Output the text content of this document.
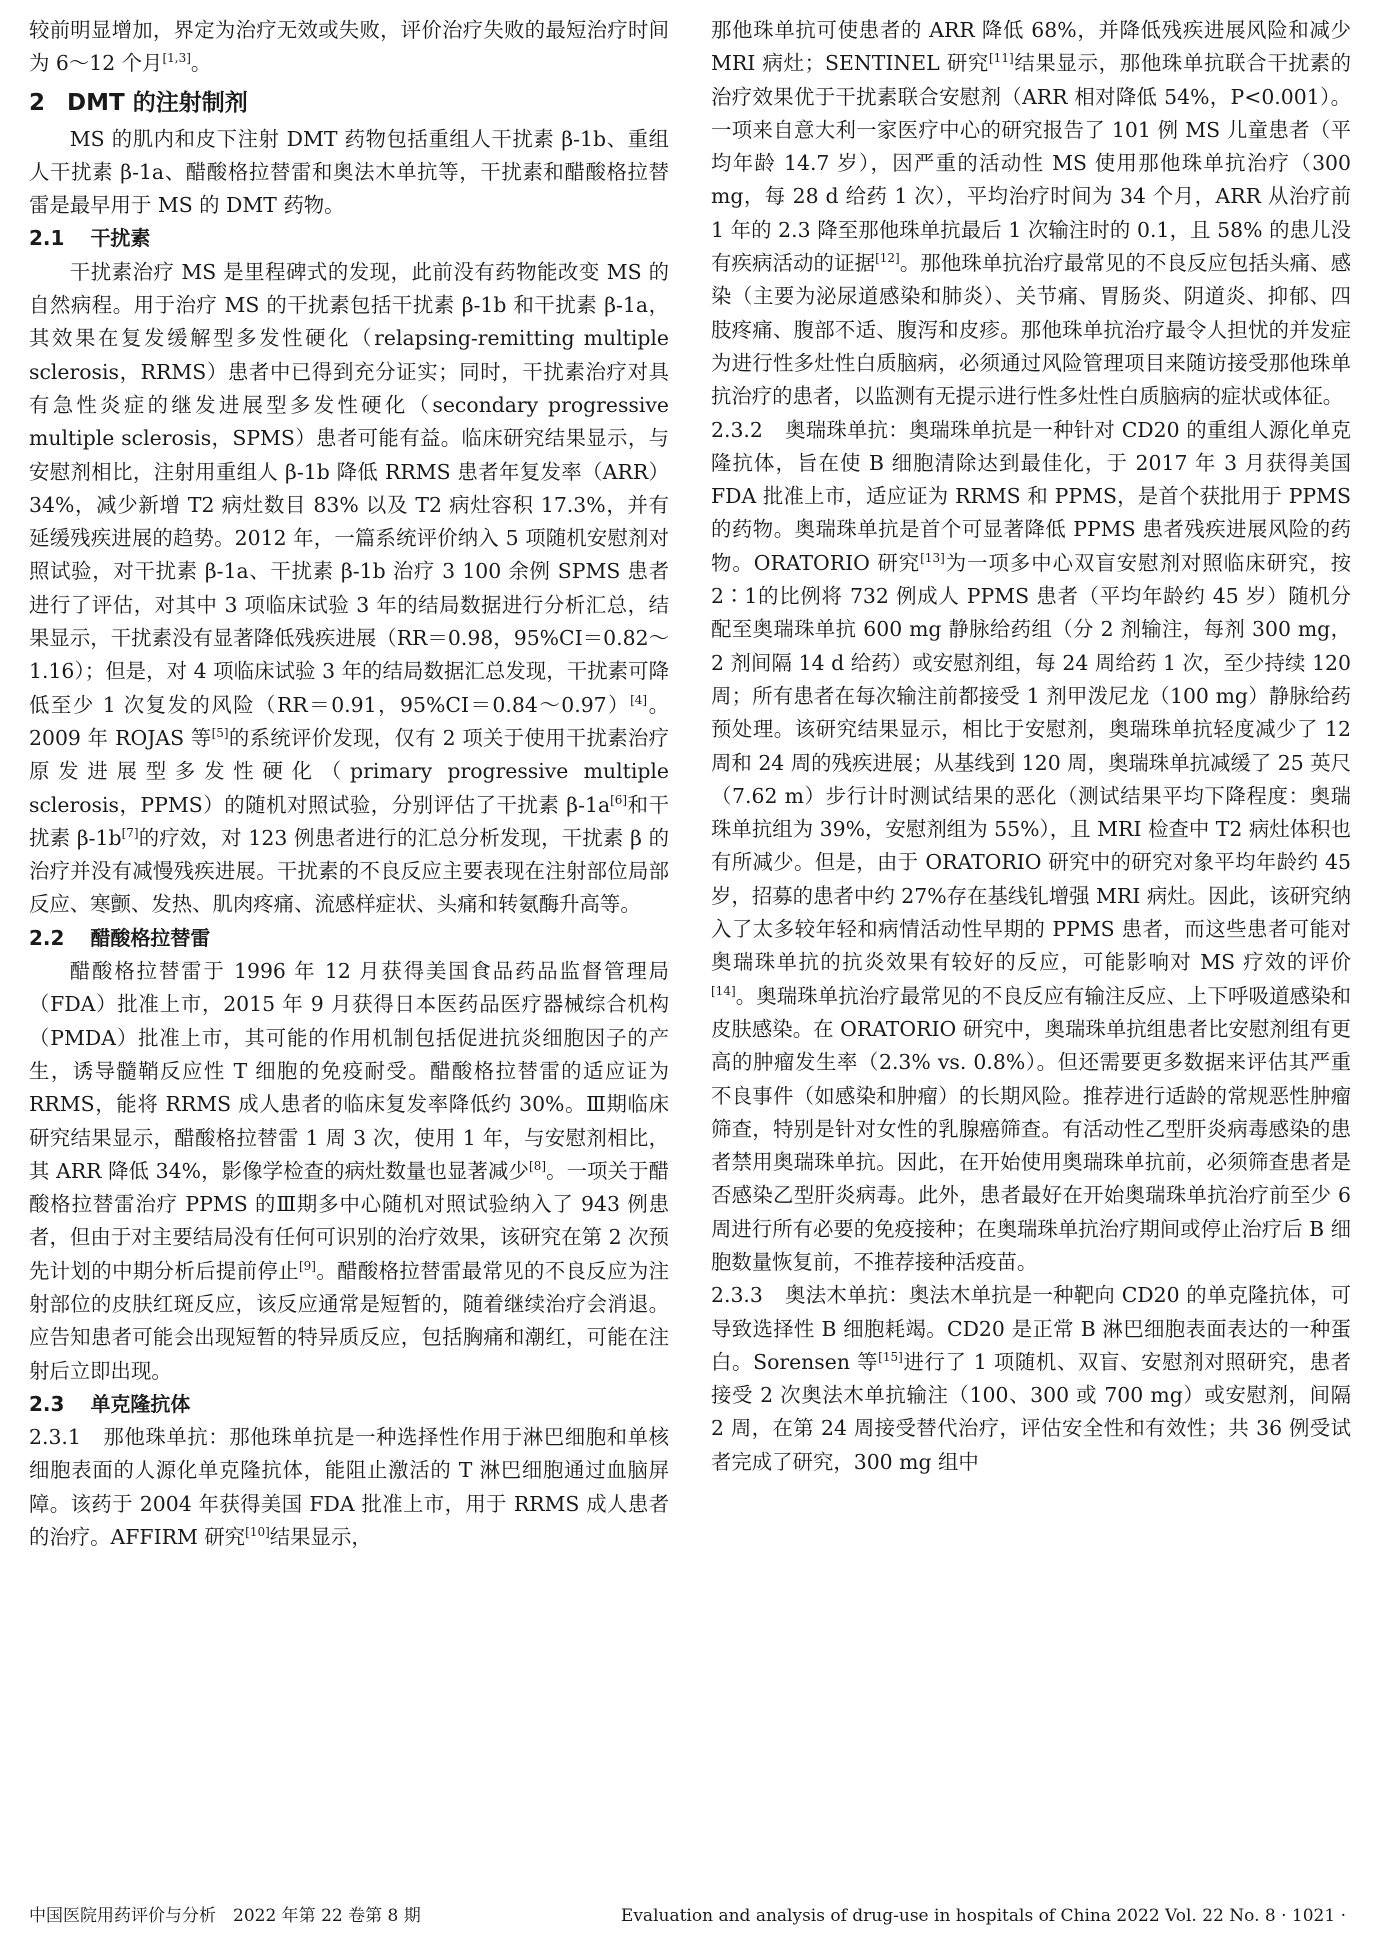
较前明显增加，界定为治疗无效或失败，评价治疗失败的最短治疗时间为 6～12 个月[1,3]。

2 DMT 的注射制剂

MS 的肌内和皮下注射 DMT 药物包括重组人干扰素 β-1b、重组人干扰素 β-1a、醋酸格拉替雷和奥法木单抗等，干扰素和醋酸格拉替雷是最早用于 MS 的 DMT 药物。

2.1 干扰素

干扰素治疗 MS 是里程碑式的发现，此前没有药物能改变 MS 的自然病程。用于治疗 MS 的干扰素包括干扰素 β-1b 和干扰素 β-1a，其效果在复发缓解型多发性硬化（relapsing-remitting multiple sclerosis，RRMS）患者中已得到充分证实；同时，干扰素治疗对具有急性炎症的继发进展型多发性硬化（secondary progressive multiple sclerosis，SPMS）患者可能有益。临床研究结果显示，与安慰剂相比，注射用重组人 β-1b 降低 RRMS 患者年复发率（ARR）34%，减少新增 T2 病灶数目 83% 以及 T2 病灶容积 17.3%，并有延缓残疾进展的趋势。2012 年，一篇系统评价纳入 5 项随机安慰剂对照试验，对干扰素 β-1a、干扰素 β-1b 治疗 3 100 余例 SPMS 患者进行了评估，对其中 3 项临床试验 3 年的结局数据进行分析汇总，结果显示，干扰素没有显著降低残疾进展（RR＝0.98，95%CI＝0.82～1.16）；但是，对 4 项临床试验 3 年的结局数据汇总发现，干扰素可降低至少 1 次复发的风险（RR＝0.91，95%CI＝0.84～0.97）[4]。2009 年 ROJAS 等[5]的系统评价发现，仅有 2 项关于使用干扰素治疗原发进展型多发性硬化（primary progressive multiple sclerosis，PPMS）的随机对照试验，分别评估了干扰素 β-1a[6]和干扰素 β-1b[7]的疗效，对 123 例患者进行的汇总分析发现，干扰素 β 的治疗并没有减慢残疾进展。干扰素的不良反应主要表现在注射部位局部反应、寒颤、发热、肌肉疼痛、流感样症状、头痛和转氨酶升高等。

2.2 醋酸格拉替雷

醋酸格拉替雷于 1996 年 12 月获得美国食品药品监督管理局（FDA）批准上市，2015 年 9 月获得日本医药品医疗器械综合机构（PMDA）批准上市，其可能的作用机制包括促进抗炎细胞因子的产生，诱导髓鞘反应性 T 细胞的免疫耐受。醋酸格拉替雷的适应证为 RRMS，能将 RRMS 成人患者的临床复发率降低约 30%。Ⅲ期临床研究结果显示，醋酸格拉替雷 1 周 3 次，使用 1 年，与安慰剂相比，其 ARR 降低 34%，影像学检查的病灶数量也显著减少[8]。一项关于醋酸格拉替雷治疗 PPMS 的Ⅲ期多中心随机对照试验纳入了 943 例患者，但由于对主要结局没有任何可识别的治疗效果，该研究在第 2 次预先计划的中期分析后提前停止[9]。醋酸格拉替雷最常见的不良反应为注射部位的皮肤红斑反应，该反应通常是短暂的，随着继续治疗会消退。应告知患者可能会出现短暂的特异质反应，包括胸痛和潮红，可能在注射后立即出现。

2.3 单克隆抗体

2.3.1 那他珠单抗：那他珠单抗是一种选择性作用于淋巴细胞和单核细胞表面的人源化单克隆抗体，能阻止激活的 T 淋巴细胞通过血脑屏障。该药于 2004 年获得美国 FDA 批准上市，用于 RRMS 成人患者的治疗。AFFIRM 研究[10]结果显示，

那他珠单抗可使患者的 ARR 降低 68%，并降低残疾进展风险和减少 MRI 病灶；SENTINEL 研究[11]结果显示，那他珠单抗联合干扰素的治疗效果优于干扰素联合安慰剂（ARR 相对降低 54%，P<0.001）。一项来自意大利一家医疗中心的研究报告了 101 例 MS 儿童患者（平均年龄 14.7 岁），因严重的活动性 MS 使用那他珠单抗治疗（300 mg，每 28 d 给药 1 次），平均治疗时间为 34 个月，ARR 从治疗前 1 年的 2.3 降至那他珠单抗最后 1 次输注时的 0.1，且 58% 的患儿没有疾病活动的证据[12]。那他珠单抗治疗最常见的不良反应包括头痛、感染（主要为泌尿道感染和肺炎）、关节痛、胃肠炎、阴道炎、抑郁、四肢疼痛、腹部不适、腹泻和皮疹。那他珠单抗治疗最令人担忧的并发症为进行性多灶性白质脑病，必须通过风险管理项目来随访接受那他珠单抗治疗的患者，以监测有无提示进行性多灶性白质脑病的症状或体征。

2.3.2 奥瑞珠单抗：奥瑞珠单抗是一种针对 CD20 的重组人源化单克隆抗体，旨在使 B 细胞清除达到最佳化，于 2017 年 3 月获得美国 FDA 批准上市，适应证为 RRMS 和 PPMS，是首个获批用于 PPMS 的药物。奥瑞珠单抗是首个可显著降低 PPMS 患者残疾进展风险的药物。ORATORIO 研究[13]为一项多中心双盲安慰剂对照临床研究，按 2∶1的比例将 732 例成人 PPMS 患者（平均年龄约 45 岁）随机分配至奥瑞珠单抗 600 mg 静脉给药组（分 2 剂输注，每剂 300 mg，2 剂间隔 14 d 给药）或安慰剂组，每 24 周给药 1 次，至少持续 120 周；所有患者在每次输注前都接受 1 剂甲泼尼龙（100 mg）静脉给药预处理。该研究结果显示，相比于安慰剂，奥瑞珠单抗轻度减少了 12 周和 24 周的残疾进展；从基线到 120 周，奥瑞珠单抗减缓了 25 英尺（7.62 m）步行计时测试结果的恶化（测试结果平均下降程度：奥瑞珠单抗组为 39%，安慰剂组为 55%），且 MRI 检查中 T2 病灶体积也有所减少。但是，由于 ORATORIO 研究中的研究对象平均年龄约 45 岁，招募的患者中约 27%存在基线钆增强 MRI 病灶。因此，该研究纳入了太多较年轻和病情活动性早期的 PPMS 患者，而这些患者可能对奥瑞珠单抗的抗炎效果有较好的反应，可能影响对 MS 疗效的评价[14]。奥瑞珠单抗治疗最常见的不良反应有输注反应、上下呼吸道感染和皮肤感染。在 ORATORIO 研究中，奥瑞珠单抗组患者比安慰剂组有更高的肿瘤发生率（2.3% vs. 0.8%）。但还需要更多数据来评估其严重不良事件（如感染和肿瘤）的长期风险。推荐进行适龄的常规恶性肿瘤筛查，特别是针对女性的乳腺癌筛查。有活动性乙型肝炎病毒感染的患者禁用奥瑞珠单抗。因此，在开始使用奥瑞珠单抗前，必须筛查患者是否感染乙型肝炎病毒。此外，患者最好在开始奥瑞珠单抗治疗前至少 6 周进行所有必要的免疫接种；在奥瑞珠单抗治疗期间或停止治疗后 B 细胞数量恢复前，不推荐接种活疫苗。

2.3.3 奥法木单抗：奥法木单抗是一种靶向 CD20 的单克隆抗体，可导致选择性 B 细胞耗竭。CD20 是正常 B 淋巴细胞表面表达的一种蛋白。Sorensen 等[15]进行了 1 项随机、双盲、安慰剂对照研究，患者接受 2 次奥法木单抗输注（100、300 或 700 mg）或安慰剂，间隔 2 周，在第 24 周接受替代治疗，评估安全性和有效性；共 36 例受试者完成了研究，300 mg 组中

中国医院用药评价与分析　2022 年第 22 卷第 8 期	Evaluation and analysis of drug-use in hospitals of China 2022 Vol. 22 No. 8 · 1021 ·
